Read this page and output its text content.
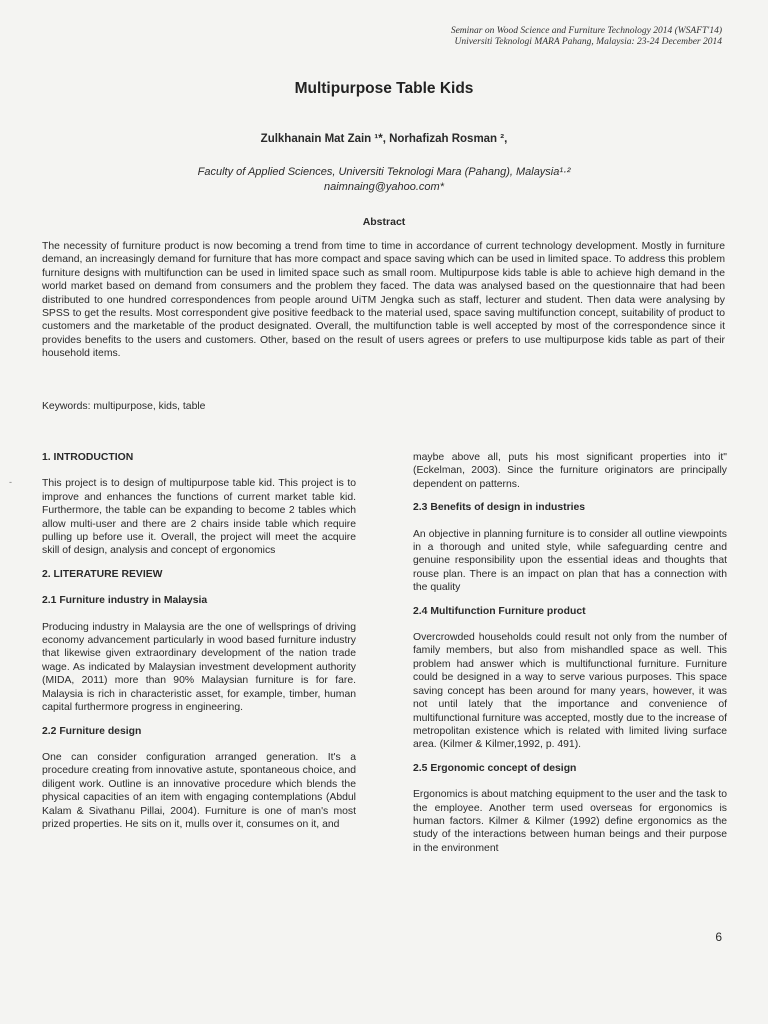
Seminar on Wood Science and Furniture Technology 2014 (WSAFT'14)
Universiti Teknologi MARA Pahang, Malaysia: 23-24 December 2014
Multipurpose Table Kids
Zulkhanain Mat Zain ¹*, Norhafizah Rosman ²,
Faculty of Applied Sciences, Universiti Teknologi Mara (Pahang), Malaysia¹·²
naimnaing@yahoo.com*
Abstract
The necessity of furniture product is now becoming a trend from time to time in accordance of current technology development. Mostly in furniture demand, an increasingly demand for furniture that has more compact and space saving which can be used in limited space. To address this problem furniture designs with multifunction can be used in limited space such as small room. Multipurpose kids table is able to achieve high demand in the world market based on demand from consumers and the problem they faced. The data was analysed based on the questionnaire that had been distributed to one hundred correspondences from people around UiTM Jengka such as staff, lecturer and student. Then data were analysing by SPSS to get the results. Most correspondent give positive feedback to the material used, space saving multifunction concept, suitability of product to customers and the marketable of the product designated. Overall, the multifunction table is well accepted by most of the correspondence since it provides benefits to the users and customers. Other, based on the result of users agrees or prefers to use multipurpose kids table as part of their household items.
Keywords: multipurpose, kids, table
-
1. INTRODUCTION

This project is to design of multipurpose table kid. This project is to improve and enhances the functions of current market table kid. Furthermore, the table can be expanding to become 2 tables which allow multi-user and there are 2 chairs inside table which require pulling up before use it. Overall, the project will meet the acquire skill of design, analysis and concept of ergonomics

2. LITERATURE REVIEW
2.1 Furniture industry in Malaysia

Producing industry in Malaysia are the one of wellsprings of driving economy advancement particularly in wood based furniture industry that likewise given extraordinary development of the nation trade wage. As indicated by Malaysian investment development authority (MIDA, 2011) more than 90% Malaysian furniture is for fare. Malaysia is rich in characteristic asset, for example, timber, human capital furthermore progress in engineering.

2.2 Furniture design

One can consider configuration arranged generation. It's a procedure creating from innovative astute, spontaneous choice, and diligent work. Outline is an innovative procedure which blends the physical capacities of an item with engaging contemplations (Abdul Kalam & Sivathanu Pillai, 2004). Furniture is one of man's most prized properties. He sits on it, mulls over it, consumes on it, and

maybe above all, puts his most significant properties into it" (Eckelman, 2003). Since the furniture originators are principally dependent on patterns.

2.3 Benefits of design in industries

An objective in planning furniture is to consider all outline viewpoints in a thorough and united style, while safeguarding centre and genuine responsibility upon the essential ideas and thoughts that rouse plan. There is an impact on plan that has a connection with the quality

2.4 Multifunction Furniture product

Overcrowded households could result not only from the number of family members, but also from mishandled space as well. This problem had answer which is multifunctional furniture. Furniture could be designed in a way to serve various purposes. This space saving concept has been around for many years, however, it was not until lately that the importance and convenience of multifunctional furniture was accepted, mostly due to the increase of metropolitan existence which is related with limited living surface area. (Kilmer & Kilmer,1992, p. 491).

2.5 Ergonomic concept of design

Ergonomics is about matching equipment to the user and the task to the employee. Another term used overseas for ergonomics is human factors. Kilmer & Kilmer (1992) define ergonomics as the study of the interactions between human beings and their purpose in the environment

6
